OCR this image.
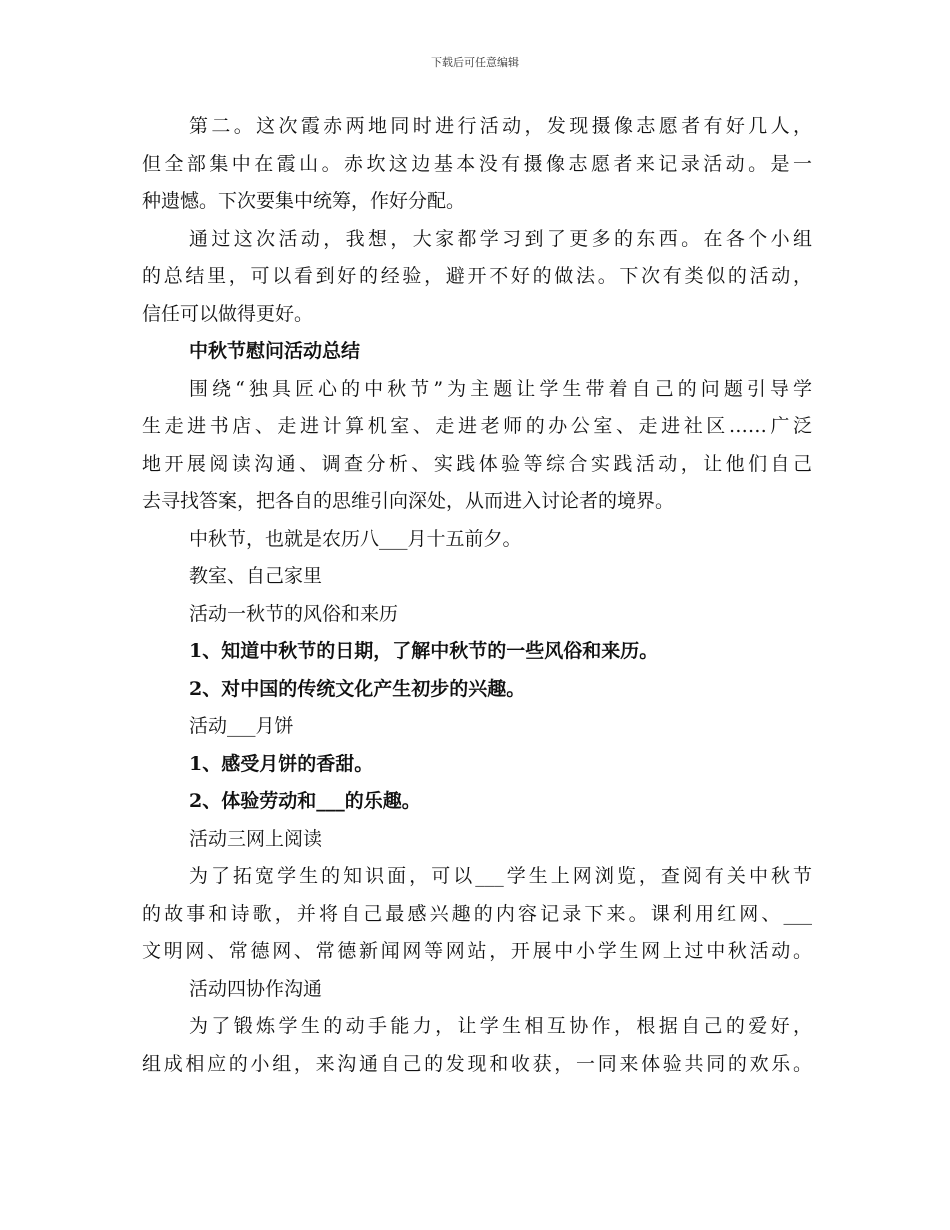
下载后可任意编辑
第二。这次霞赤两地同时进行活动，发现摄像志愿者有好几人，
但全部集中在霞山。赤坎这边基本没有摄像志愿者来记录活动。是一
种遗憾。下次要集中统筹，作好分配。
通过这次活动，我想，大家都学习到了更多的东西。在各个小组
的总结里，可以看到好的经验，避开不好的做法。下次有类似的活动，
信任可以做得更好。
中秋节慰问活动总结
围绕“独具匠心的中秋节”为主题让学生带着自己的问题引导学
生走进书店、走进计算机室、走进老师的办公室、走进社区……广泛
地开展阅读沟通、调查分析、实践体验等综合实践活动，让他们自己
去寻找答案，把各自的思维引向深处，从而进入讨论者的境界。
中秋节，也就是农历八___月十五前夕。
教室、自己家里
活动一秋节的风俗和来历
1、知道中秋节的日期，了解中秋节的一些风俗和来历。
2、对中国的传统文化产生初步的兴趣。
活动___月饼
1、感受月饼的香甜。
2、体验劳动和___的乐趣。
活动三网上阅读
为了拓宽学生的知识面，可以___学生上网浏览，查阅有关中秋节
的故事和诗歌，并将自己最感兴趣的内容记录下来。课利用红网、___
文明网、常德网、常德新闻网等网站，开展中小学生网上过中秋活动。
活动四协作沟通
为了锻炼学生的动手能力，让学生相互协作，根据自己的爱好，
组成相应的小组，来沟通自己的发现和收获，一同来体验共同的欢乐。
